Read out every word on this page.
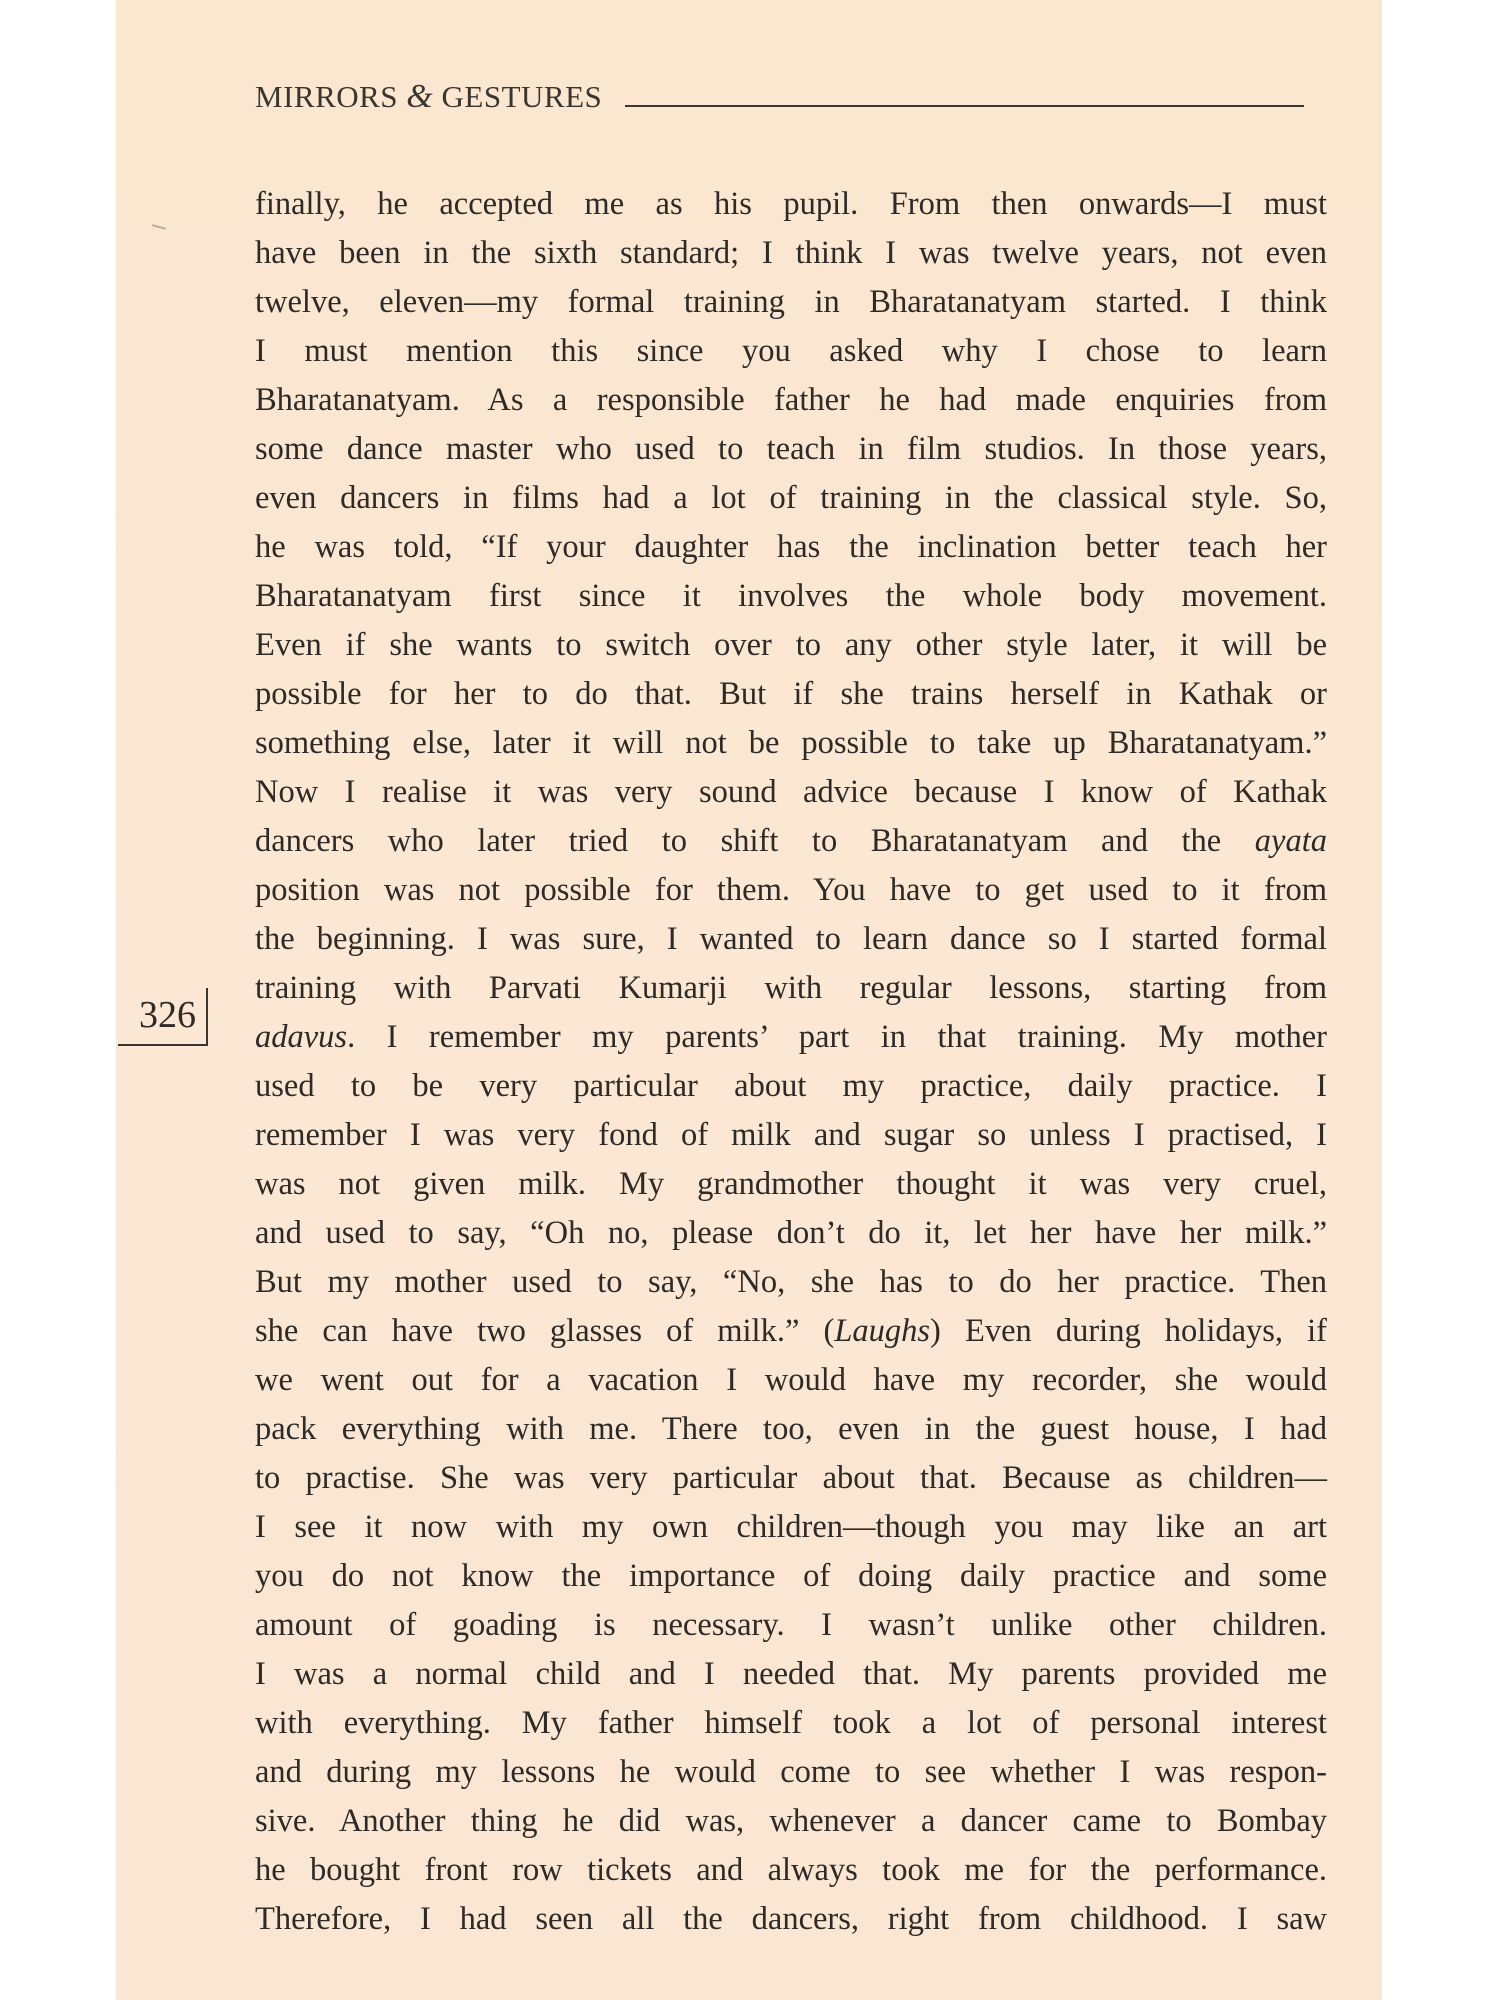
MIRRORS & GESTURES
326
finally, he accepted me as his pupil. From then onwards—I must
have been in the sixth standard; I think I was twelve years, not even
twelve, eleven—my formal training in Bharatanatyam started. I think
I must mention this since you asked why I chose to learn
Bharatanatyam. As a responsible father he had made enquiries from
some dance master who used to teach in film studios. In those years,
even dancers in films had a lot of training in the classical style. So,
he was told, “If your daughter has the inclination better teach her
Bharatanatyam first since it involves the whole body movement.
Even if she wants to switch over to any other style later, it will be
possible for her to do that. But if she trains herself in Kathak or
something else, later it will not be possible to take up Bharatanatyam.”
Now I realise it was very sound advice because I know of Kathak
dancers who later tried to shift to Bharatanatyam and the ayata
position was not possible for them. You have to get used to it from
the beginning. I was sure, I wanted to learn dance so I started formal
training with Parvati Kumarji with regular lessons, starting from
adavus. I remember my parents’ part in that training. My mother
used to be very particular about my practice, daily practice. I
remember I was very fond of milk and sugar so unless I practised, I
was not given milk. My grandmother thought it was very cruel,
and used to say, “Oh no, please don’t do it, let her have her milk.”
But my mother used to say, “No, she has to do her practice. Then
she can have two glasses of milk.” (Laughs) Even during holidays, if
we went out for a vacation I would have my recorder, she would
pack everything with me. There too, even in the guest house, I had
to practise. She was very particular about that. Because as children—
I see it now with my own children—though you may like an art
you do not know the importance of doing daily practice and some
amount of goading is necessary. I wasn’t unlike other children.
I was a normal child and I needed that. My parents provided me
with everything. My father himself took a lot of personal interest
and during my lessons he would come to see whether I was respon-
sive. Another thing he did was, whenever a dancer came to Bombay
he bought front row tickets and always took me for the performance.
Therefore, I had seen all the dancers, right from childhood. I saw
